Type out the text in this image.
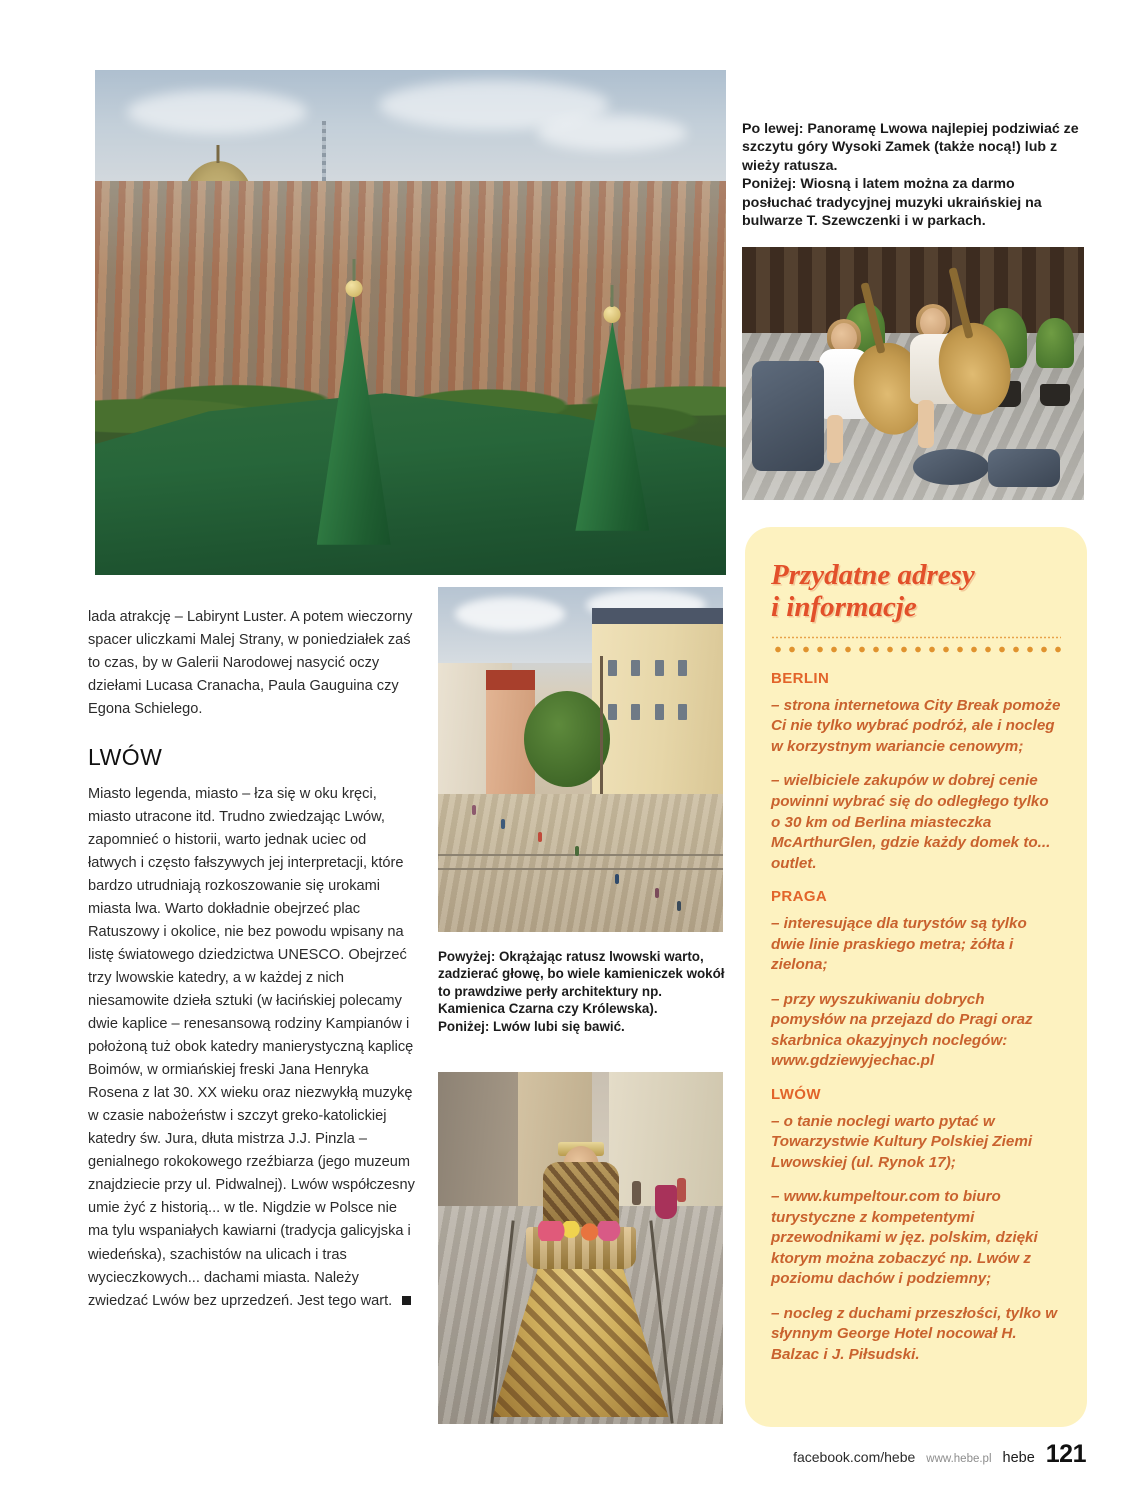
Po lewej: Panoramę Lwowa najlepiej podziwiać ze szczytu góry Wysoki Zamek (także nocą!) lub z wieży ratusza.
Poniżej: Wiosną i latem można za darmo posłuchać tradycyjnej muzyki ukraińskiej na bulwarze T. Szewczenki i w parkach.
Powyżej: Okrążając ratusz lwowski warto, zadzierać głowę, bo wiele kamieniczek wokół to prawdziwe perły architektury np. Kamienica Czarna czy Królewska).
Poniżej: Lwów lubi się bawić.

lada atrakcję – Labirynt Luster. A potem wieczorny spacer uliczkami Malej Strany, w poniedziałek zaś to czas, by w Galerii Narodowej nasycić oczy dziełami Lucasa Cranacha, Paula Gauguina czy Egona Schielego.

LWÓW

Miasto legenda, miasto – łza się w oku kręci, miasto utracone itd. Trudno zwiedzając Lwów, zapomnieć o historii, warto jednak uciec od łatwych i często fałszywych jej interpretacji, które bardzo utrudniają rozkoszowanie się urokami miasta lwa. Warto dokładnie obejrzeć plac Ratuszowy i okolice, nie bez powodu wpisany na listę światowego dziedzictwa UNESCO. Obejrzeć trzy lwowskie katedry, a w każdej z nich niesamowite dzieła sztuki (w łacińskiej polecamy dwie kaplice – renesansową rodziny Kampianów i położoną tuż obok katedry manierystyczną kaplicę Boimów, w ormiańskiej freski Jana Henryka Rosena z lat 30. XX wieku oraz niezwykłą muzykę w czasie nabożeństw i szczyt greko-katolickiej katedry św. Jura, dłuta mistrza J.J. Pinzla – genialnego rokokowego rzeźbiarza (jego muzeum znajdziecie przy ul. Pidwalnej). Lwów współczesny umie żyć z historią... w tle. Nigdzie w Polsce nie ma tylu wspaniałych kawiarni (tradycja galicyjska i wiedeńska), szachistów na ulicach i tras wycieczkowych... dachami miasta. Należy zwiedzać Lwów bez uprzedzeń. Jest tego wart.

Przydatne adresy
i informacje
BERLIN
– strona internetowa City Break pomoże Ci nie tylko wybrać podróż, ale i nocleg w korzystnym wariancie cenowym;
– wielbiciele zakupów w dobrej cenie powinni wybrać się do odległego tylko o 30 km od Berlina miasteczka McArthurGlen, gdzie każdy domek to... outlet.
PRAGA
– interesujące dla turystów są tylko dwie linie praskiego metra; żółta i zielona;
– przy wyszukiwaniu dobrych pomysłów na przejazd do Pragi oraz skarbnica okazyjnych noclegów: www.gdziewyjechac.pl
LWÓW
– o tanie noclegi warto pytać w Towarzystwie Kultury Polskiej Ziemi Lwowskiej (ul. Rynok 17);
– www.kumpeltour.com to biuro turystyczne z kompetentymi przewodnikami w jęz. polskim, dzięki ktorym można zobaczyć np. Lwów z poziomu dachów i podziemny;
– nocleg z duchami przeszłości, tylko w słynnym George Hotel nocował H. Balzac i J. Piłsudski.
facebook.com/hebe www.hebe.pl hebe 121
